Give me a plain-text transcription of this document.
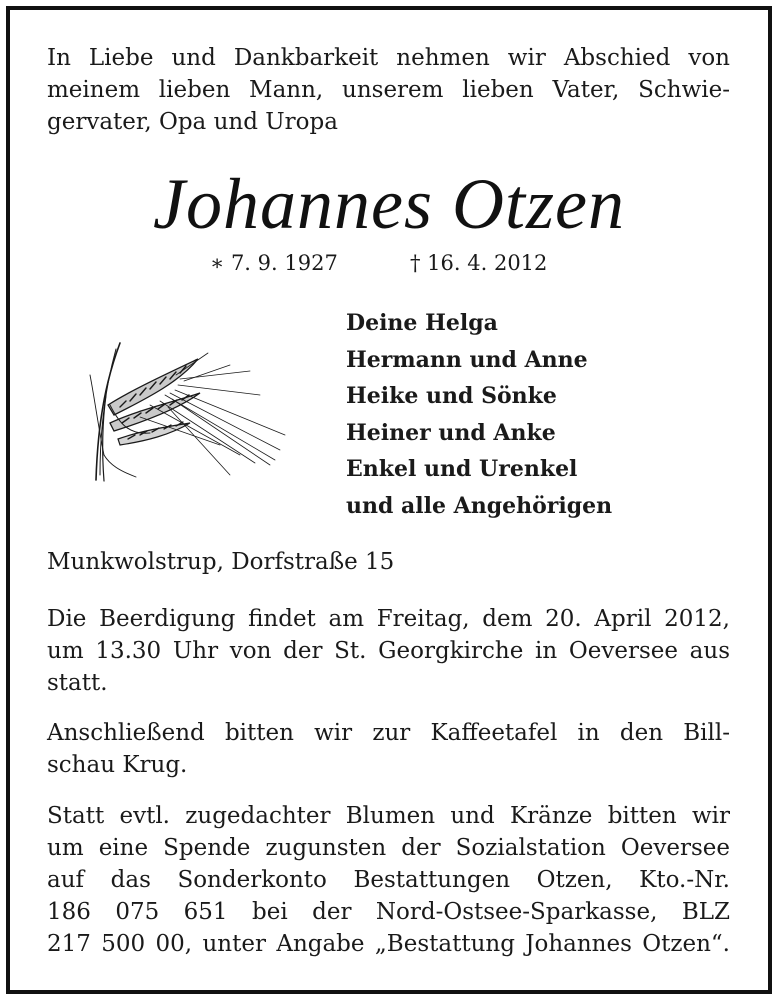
In Liebe und Dankbarkeit nehmen wir Abschied von
meinem lieben Mann, unserem lieben Vater, Schwie-
gervater, Opa und Uropa
Johannes Otzen
∗ 7. 9. 1927	† 16. 4. 2012
Deine Helga
Hermann und Anne
Heike und Sönke
Heiner und Anke
Enkel und Urenkel
und alle Angehörigen
Munkwolstrup, Dorfstraße 15
Die Beerdigung findet am Freitag, dem 20. April 2012,
um 13.30 Uhr von der St. Georgkirche in Oeversee aus
statt.
Anschließend bitten wir zur Kaffeetafel in den Bill-
schau Krug.
Statt evtl. zugedachter Blumen und Kränze bitten wir
um eine Spende zugunsten der Sozialstation Oeversee
auf das Sonderkonto Bestattungen Otzen, Kto.-Nr.
186 075 651 bei der Nord-Ostsee-Sparkasse, BLZ
217 500 00, unter Angabe „Bestattung Johannes Otzen“.
